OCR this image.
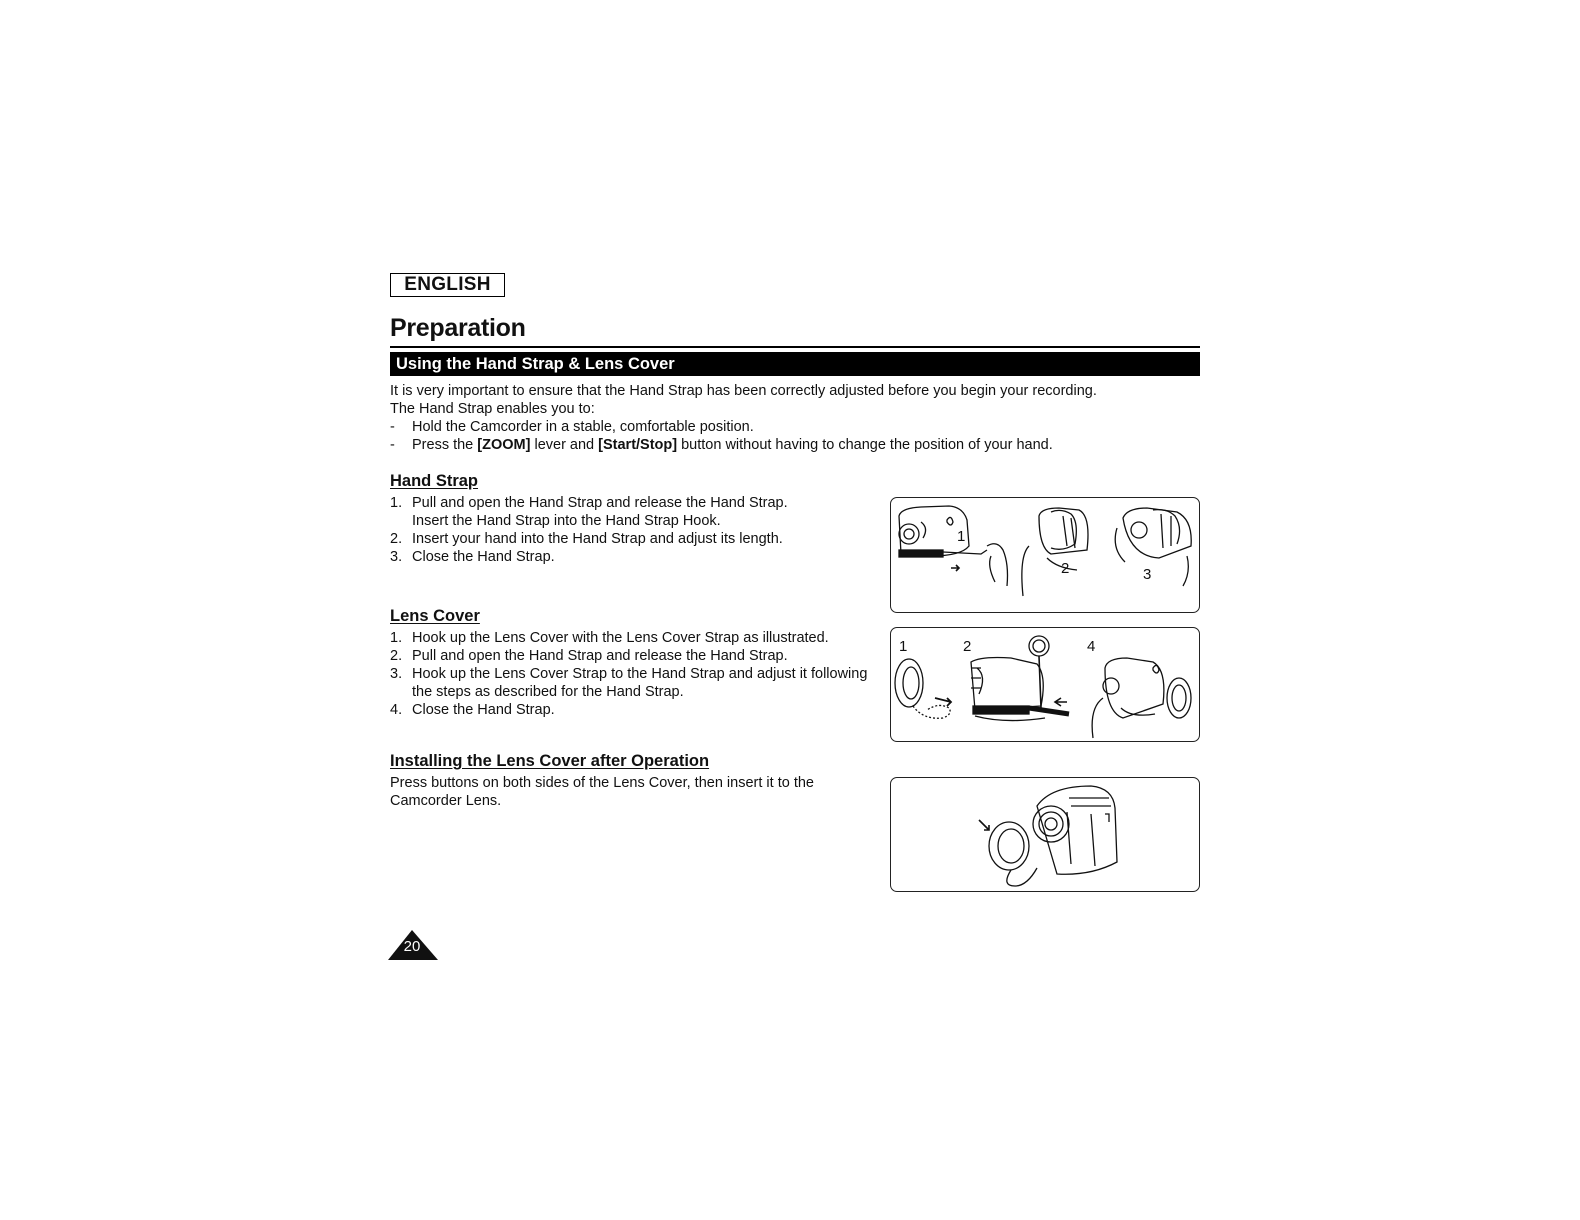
ENGLISH
Preparation
Using the Hand Strap & Lens Cover
It is very important to ensure that the Hand Strap has been correctly adjusted before you begin your recording.
The Hand Strap enables you to:
- Hold the Camcorder in a stable, comfortable position.
- Press the [ZOOM] lever and [Start/Stop] button without having to change the position of your hand.
Hand Strap
1. Pull and open the Hand Strap and release the Hand Strap.
Insert the Hand Strap into the Hand Strap Hook.
2. Insert your hand into the Hand Strap and adjust its length.
3. Close the Hand Strap.
1
2	3
Lens Cover
1. Hook up the Lens Cover with the Lens Cover Strap as illustrated.
2. Pull and open the Hand Strap and release the Hand Strap.
3. Hook up the Lens Cover Strap to the Hand Strap and adjust it following
the steps as described for the Hand Strap.
4. Close the Hand Strap.
1	2	4
Installing the Lens Cover after Operation
Press buttons on both sides of the Lens Cover, then insert it to the
Camcorder Lens.
20
